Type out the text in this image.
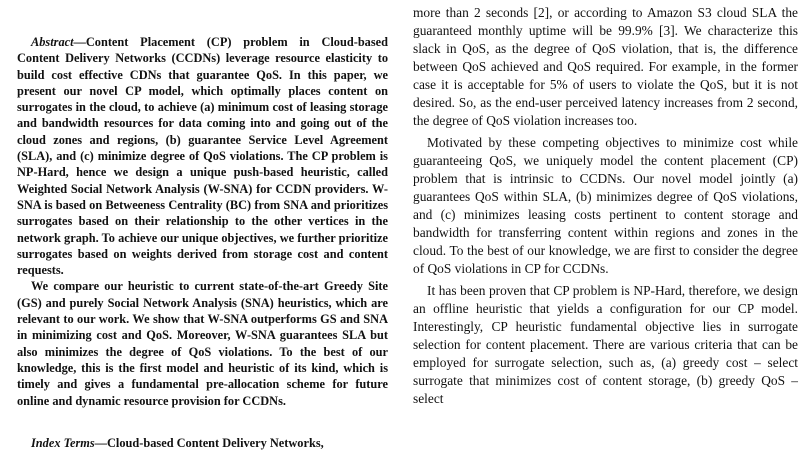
Abstract—Content Placement (CP) problem in Cloud-based Content Delivery Networks (CCDNs) leverage resource elasticity to build cost effective CDNs that guarantee QoS. In this paper, we present our novel CP model, which optimally places content on surrogates in the cloud, to achieve (a) minimum cost of leasing storage and bandwidth resources for data coming into and going out of the cloud zones and regions, (b) guarantee Service Level Agreement (SLA), and (c) minimize degree of QoS violations. The CP problem is NP-Hard, hence we design a unique push-based heuristic, called Weighted Social Network Analysis (W-SNA) for CCDN providers. W-SNA is based on Betweeness Centrality (BC) from SNA and prioritizes surrogates based on their relationship to the other vertices in the network graph. To achieve our unique objectives, we further prioritize surrogates based on weights derived from storage cost and content requests.

We compare our heuristic to current state-of-the-art Greedy Site (GS) and purely Social Network Analysis (SNA) heuristics, which are relevant to our work. We show that W-SNA outperforms GS and SNA in minimizing cost and QoS. Moreover, W-SNA guarantees SLA but also minimizes the degree of QoS violations. To the best of our knowledge, this is the first model and heuristic of its kind, which is timely and gives a fundamental pre-allocation scheme for future online and dynamic resource provision for CCDNs.

Index Terms—Cloud-based Content Delivery Networks,

more than 2 seconds [2], or according to Amazon S3 cloud SLA the guaranteed monthly uptime will be 99.9% [3]. We characterize this slack in QoS, as the degree of QoS violation, that is, the difference between QoS achieved and QoS required. For example, in the former case it is acceptable for 5% of users to violate the QoS, but it is not desired. So, as the end-user perceived latency increases from 2 second, the degree of QoS violation increases too.

Motivated by these competing objectives to minimize cost while guaranteeing QoS, we uniquely model the content placement (CP) problem that is intrinsic to CCDNs. Our novel model jointly (a) guarantees QoS within SLA, (b) minimizes degree of QoS violations, and (c) minimizes leasing costs pertinent to content storage and bandwidth for transferring content within regions and zones in the cloud. To the best of our knowledge, we are first to consider the degree of QoS violations in CP for CCDNs.

It has been proven that CP problem is NP-Hard, therefore, we design an offline heuristic that yields a configuration for our CP model. Interestingly, CP heuristic fundamental objective lies in surrogate selection for content placement. There are various criteria that can be employed for surrogate selection, such as, (a) greedy cost – select surrogate that minimizes cost of content storage, (b) greedy QoS – select
